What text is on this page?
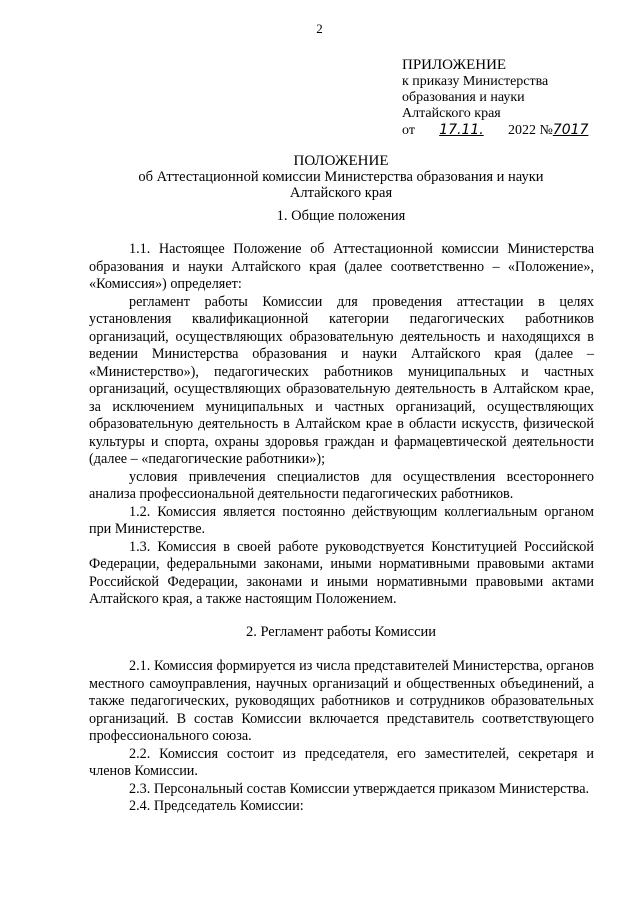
2
ПРИЛОЖЕНИЕ
к приказу Министерства
образования и науки
Алтайского края
от 17.11. 2022 №7017
ПОЛОЖЕНИЕ
об Аттестационной комиссии Министерства образования и науки
Алтайского края
1. Общие положения

1.1. Настоящее Положение об Аттестационной комиссии Министерства образования и науки Алтайского края (далее соответственно – «Положение», «Комиссия») определяет:

регламент работы Комиссии для проведения аттестации в целях установления квалификационной категории педагогических работников организаций, осуществляющих образовательную деятельность и находящихся в ведении Министерства образования и науки Алтайского края (далее – «Министерство»), педагогических работников муниципальных и частных организаций, осуществляющих образовательную деятельность в Алтайском крае, за исключением муниципальных и частных организаций, осуществляющих образовательную деятельность в Алтайском крае в области искусств, физической культуры и спорта, охраны здоровья граждан и фармацевтической деятельности (далее – «педагогические работники»);

условия привлечения специалистов для осуществления всестороннего анализа профессиональной деятельности педагогических работников.

1.2. Комиссия является постоянно действующим коллегиальным органом при Министерстве.

1.3. Комиссия в своей работе руководствуется Конституцией Российской Федерации, федеральными законами, иными нормативными правовыми актами Российской Федерации, законами и иными нормативными правовыми актами Алтайского края, а также настоящим Положением.

2. Регламент работы Комиссии

2.1. Комиссия формируется из числа представителей Министерства, органов местного самоуправления, научных организаций и общественных объединений, а также педагогических, руководящих работников и сотрудников образовательных организаций. В состав Комиссии включается представитель соответствующего профессионального союза.

2.2. Комиссия состоит из председателя, его заместителей, секретаря и членов Комиссии.

2.3. Персональный состав Комиссии утверждается приказом Министерства.

2.4. Председатель Комиссии:
